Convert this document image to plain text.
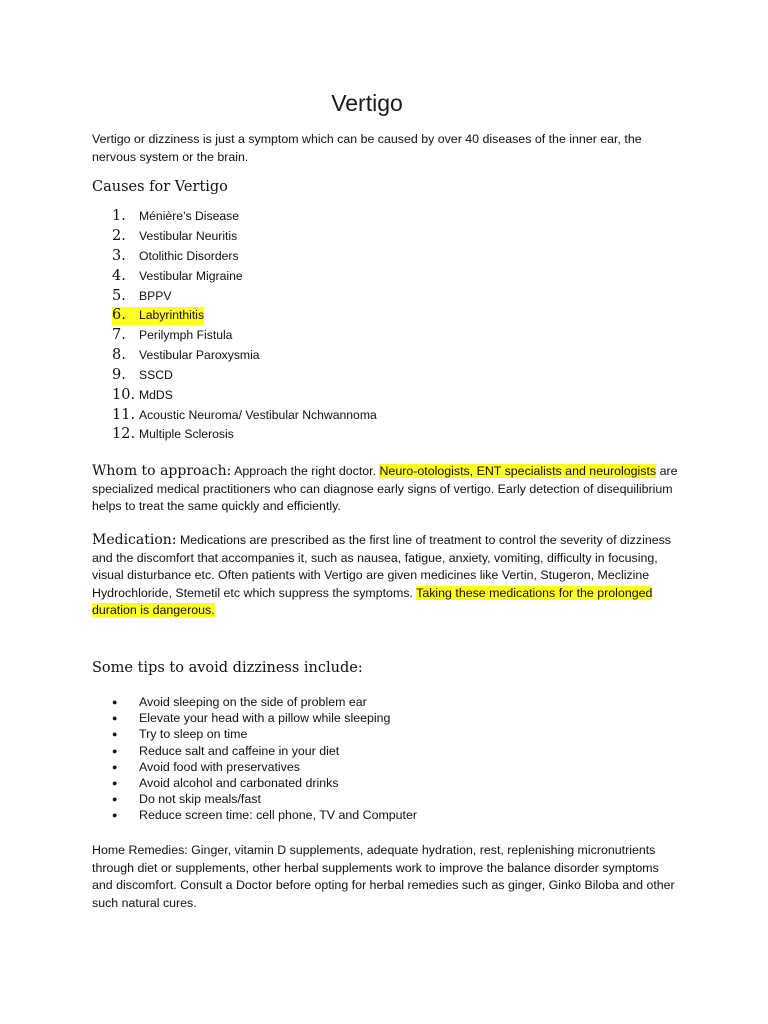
Vertigo
Vertigo or dizziness is just a symptom which can be caused by over 40 diseases of the inner ear, the nervous system or the brain.
Causes for Vertigo
1.	Ménière’s Disease
2.	Vestibular Neuritis
3.	Otolithic Disorders
4.	Vestibular Migraine
5.	BPPV
6.	Labyrinthitis
7.	Perilymph Fistula
8.	Vestibular Paroxysmia
9.	SSCD
10. MdDS
11. Acoustic Neuroma/ Vestibular Nchwannoma
12. Multiple Sclerosis
Whom to approach: Approach the right doctor. Neuro-otologists, ENT specialists and neurologists are specialized medical practitioners who can diagnose early signs of vertigo. Early detection of disequilibrium helps to treat the same quickly and efficiently.
Medication: Medications are prescribed as the first line of treatment to control the severity of dizziness and the discomfort that accompanies it, such as nausea, fatigue, anxiety, vomiting, difficulty in focusing, visual disturbance etc. Often patients with Vertigo are given medicines like Vertin, Stugeron, Meclizine Hydrochloride, Stemetil etc which suppress the symptoms. Taking these medications for the prolonged duration is dangerous.
Some tips to avoid dizziness include:
●	Avoid sleeping on the side of problem ear
●	Elevate your head with a pillow while sleeping
●	Try to sleep on time
●	Reduce salt and caffeine in your diet
●	Avoid food with preservatives
●	Avoid alcohol and carbonated drinks
●	Do not skip meals/fast
●	Reduce screen time: cell phone, TV and Computer
Home Remedies: Ginger, vitamin D supplements, adequate hydration, rest, replenishing micronutrients through diet or supplements, other herbal supplements work to improve the balance disorder symptoms and discomfort. Consult a Doctor before opting for herbal remedies such as ginger, Ginko Biloba and other such natural cures.
